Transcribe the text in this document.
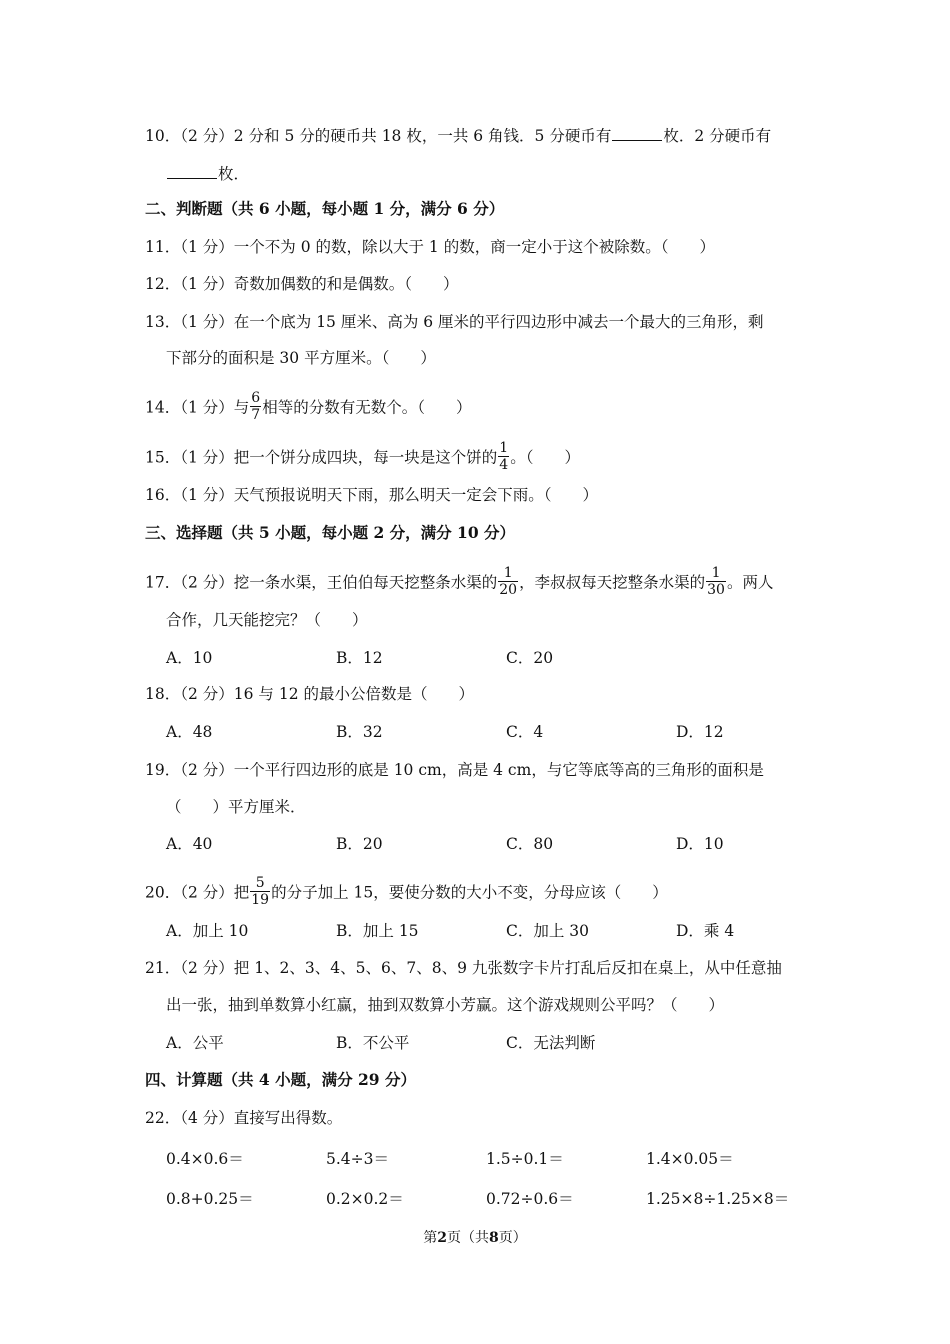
10．（2 分）2 分和 5 分的硬币共 18 枚，一共 6 角钱．5 分硬币有	枚．2 分硬币有
枚．
二、判断题（共 6 小题，每小题 1 分，满分 6 分）
11．（1 分）一个不为 0 的数，除以大于 1 的数，商一定小于这个被除数。（　　）
12．（1 分）奇数加偶数的和是偶数。（　　）
13．（1 分）在一个底为 15 厘米、高为 6 厘米的平行四边形中减去一个最大的三角形，剩
下部分的面积是 30 平方厘米。（　　）
14．（1 分）与 $\frac{6}{7}$ 相等的分数有无数个。（　　）
15．（1 分）把一个饼分成四块，每一块是这个饼的 $\frac{1}{4}$ 。（　　）
16．（1 分）天气预报说明天下雨，那么明天一定会下雨。（　　）
三、选择题（共 5 小题，每小题 2 分，满分 10 分）
17．（2 分）挖一条水渠，王伯伯每天挖整条水渠的 $\frac{1}{20}$ ，李叔叔每天挖整条水渠的 $\frac{1}{30}$ 。两人
合作，几天能挖完？（　　）
A．10	B．12	C．20
18．（2 分）16 与 12 的最小公倍数是（　　）
A．48	B．32	C．4	D．12
19．（2 分）一个平行四边形的底是 10 cm，高是 4 cm，与它等底等高的三角形的面积是
（　　）平方厘米．
A．40	B．20	C．80	D．10
20．（2 分）把 $\frac{5}{19}$ 的分子加上 15，要使分数的大小不变，分母应该（　　）
A．加上 10	B．加上 15	C．加上 30	D．乘 4
21．（2 分）把 1、2、3、4、5、6、7、8、9 九张数字卡片打乱后反扣在桌上，从中任意抽
出一张，抽到单数算小红赢，抽到双数算小芳赢。这个游戏规则公平吗？（　　）
A．公平	B．不公平	C．无法判断
四、计算题（共 4 小题，满分 29 分）
22．（4 分）直接写出得数。
0.4×0.6＝	5.4÷3＝	1.5÷0.1＝	1.4×0.05＝
0.8+0.25＝	0.2×0.2＝	0.72÷0.6＝	1.25×8÷1.25×8＝
第2页（共8页）
